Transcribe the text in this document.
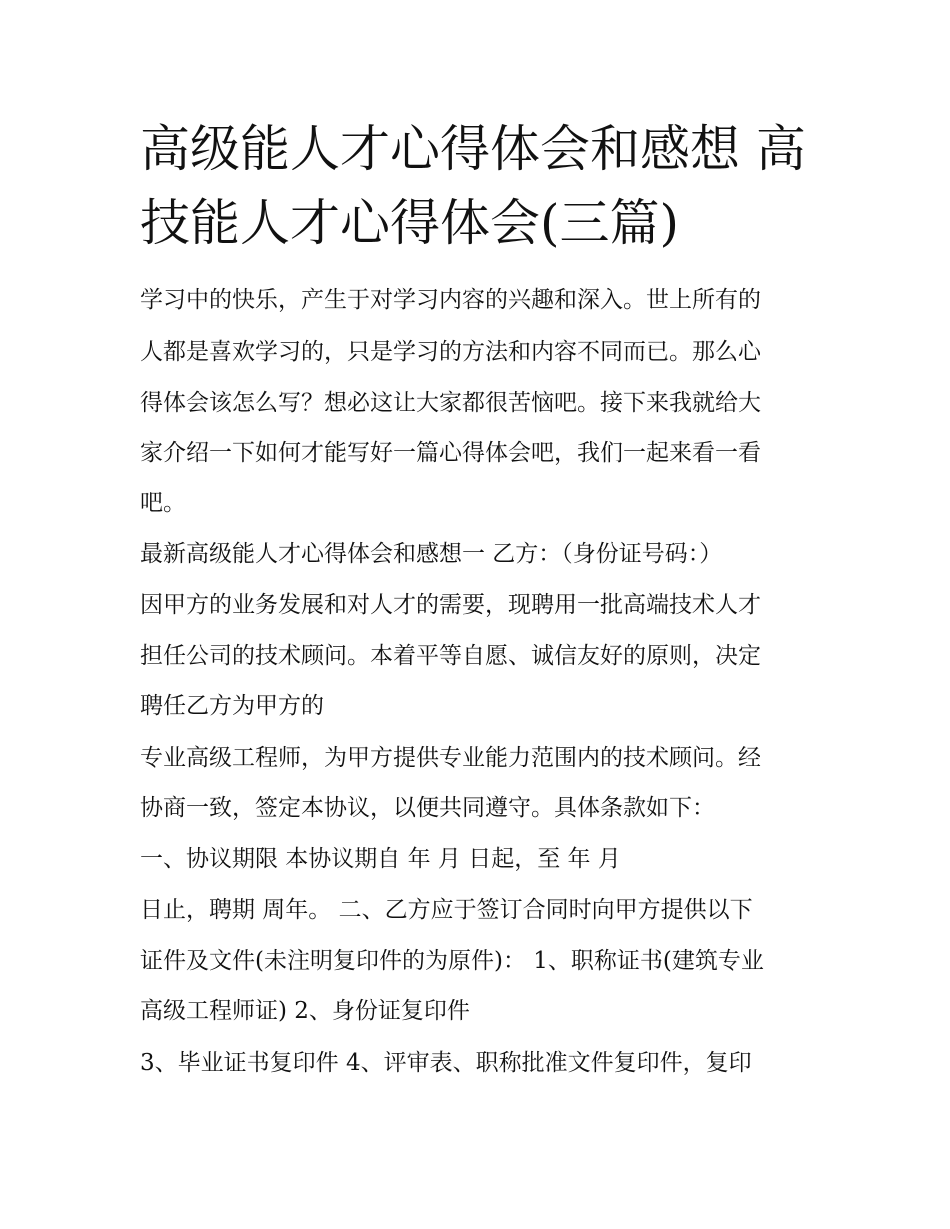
高级能人才心得体会和感想 高
技能人才心得体会(三篇)
学习中的快乐，产生于对学习内容的兴趣和深入。世上所有的
人都是喜欢学习的，只是学习的方法和内容不同而已。那么心
得体会该怎么写？想必这让大家都很苦恼吧。接下来我就给大
家介绍一下如何才能写好一篇心得体会吧，我们一起来看一看
吧。
最新高级能人才心得体会和感想一 乙方：（身份证号码：）
因甲方的业务发展和对人才的需要，现聘用一批高端技术人才
担任公司的技术顾问。本着平等自愿、诚信友好的原则，决定
聘任乙方为甲方的
专业高级工程师，为甲方提供专业能力范围内的技术顾问。经
协商一致，签定本协议，以便共同遵守。具体条款如下：
一、协议期限 本协议期自 年 月 日起，至 年 月
日止，聘期 周年。 二、乙方应于签订合同时向甲方提供以下
证件及文件(未注明复印件的为原件)： 1、职称证书(建筑专业
高级工程师证) 2、身份证复印件
3、毕业证书复印件 4、评审表、职称批准文件复印件，复印
